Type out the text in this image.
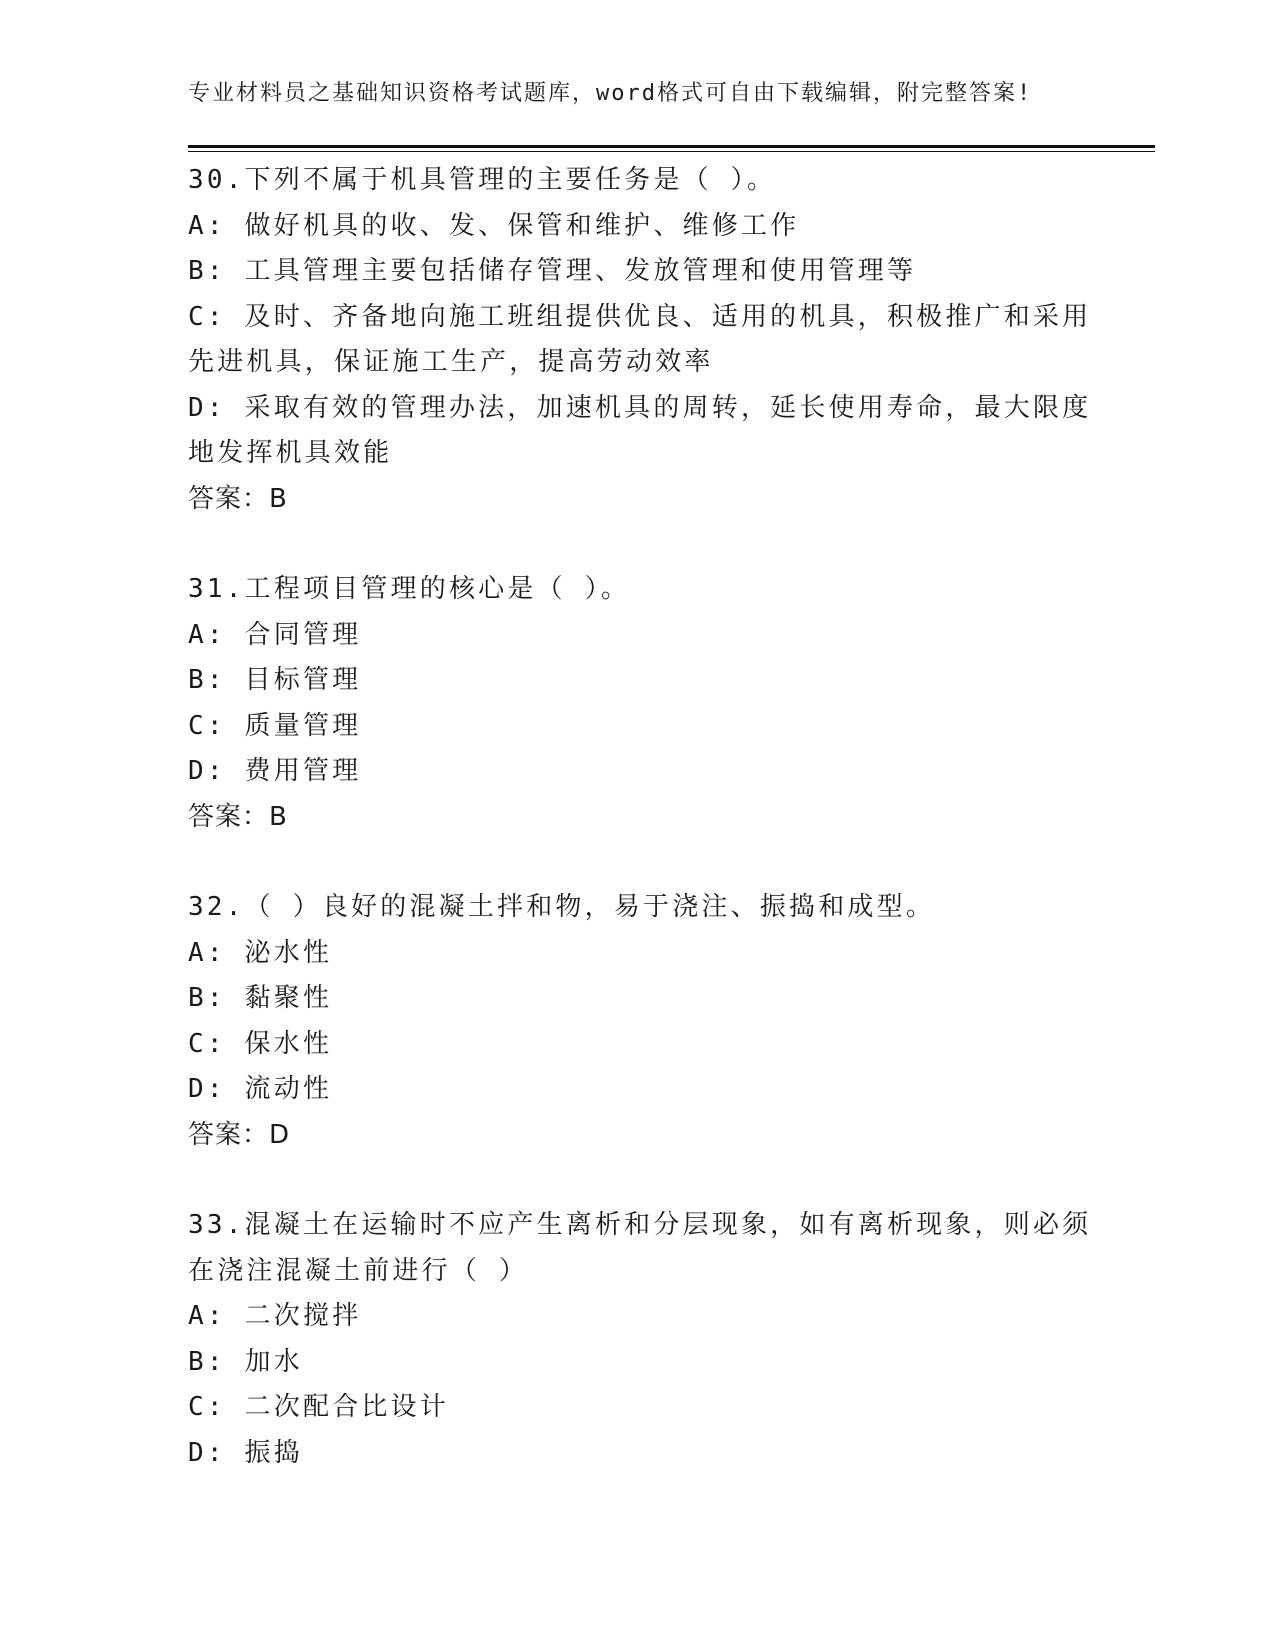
专业材料员之基础知识资格考试题库，word格式可自由下载编辑，附完整答案!
30.下列不属于机具管理的主要任务是（ ）。
A: 做好机具的收、发、保管和维护、维修工作
B: 工具管理主要包括储存管理、发放管理和使用管理等
C: 及时、齐备地向施工班组提供优良、适用的机具，积极推广和采用
先进机具，保证施工生产，提高劳动效率
D: 采取有效的管理办法，加速机具的周转，延长使用寿命，最大限度
地发挥机具效能
答案：B
31.工程项目管理的核心是（ ）。
A: 合同管理
B: 目标管理
C: 质量管理
D: 费用管理
答案：B
32.（ ）良好的混凝土拌和物，易于浇注、振捣和成型。
A: 泌水性
B: 黏聚性
C: 保水性
D: 流动性
答案：D
33.混凝土在运输时不应产生离析和分层现象，如有离析现象，则必须
在浇注混凝土前进行（ ）
A: 二次搅拌
B: 加水
C: 二次配合比设计
D: 振捣
